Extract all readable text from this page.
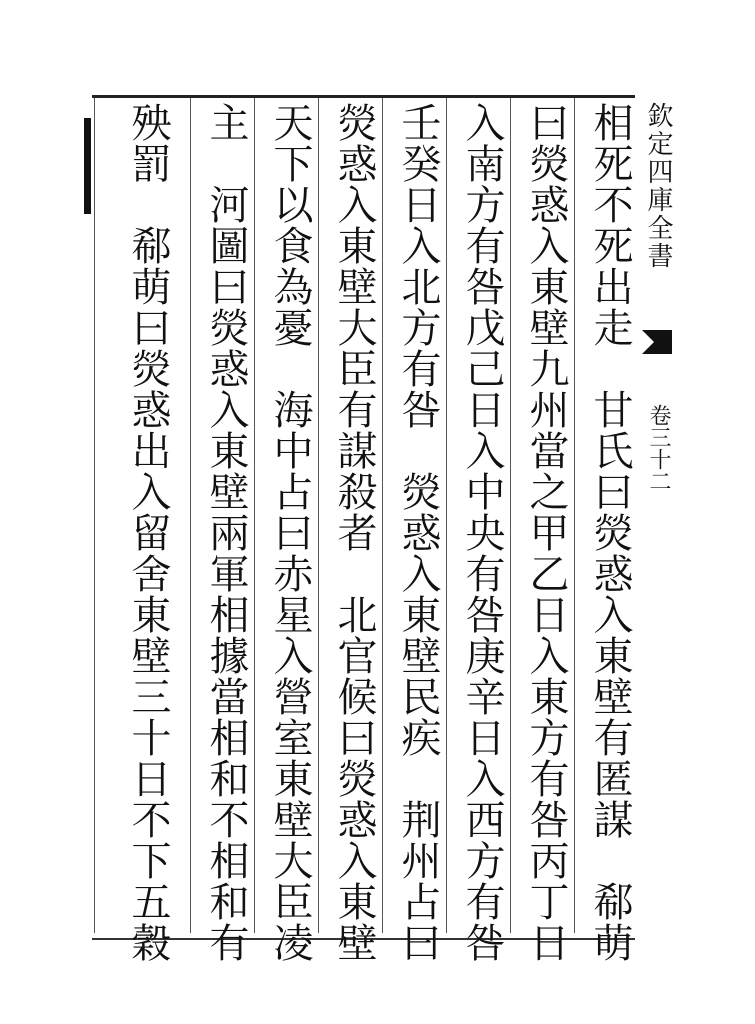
欽定四庫全書
卷三十二
相死不死出走　甘氏曰熒惑入東壁有匿謀　郗萌
曰熒惑入東壁九州當之甲乙日入東方有咎丙丁日
入南方有咎戊己日入中央有咎庚辛日入西方有咎
壬癸日入北方有咎　熒惑入東壁民疾　荆州占曰
熒惑入東壁大臣有謀殺者　北官候曰熒惑入東壁
天下以食為憂　海中占曰赤星入營室東壁大臣凌
主　河圖曰熒惑入東壁兩軍相據當相和不相和有
殃罰　郗萌曰熒惑出入留舍東壁三十日不下五穀
